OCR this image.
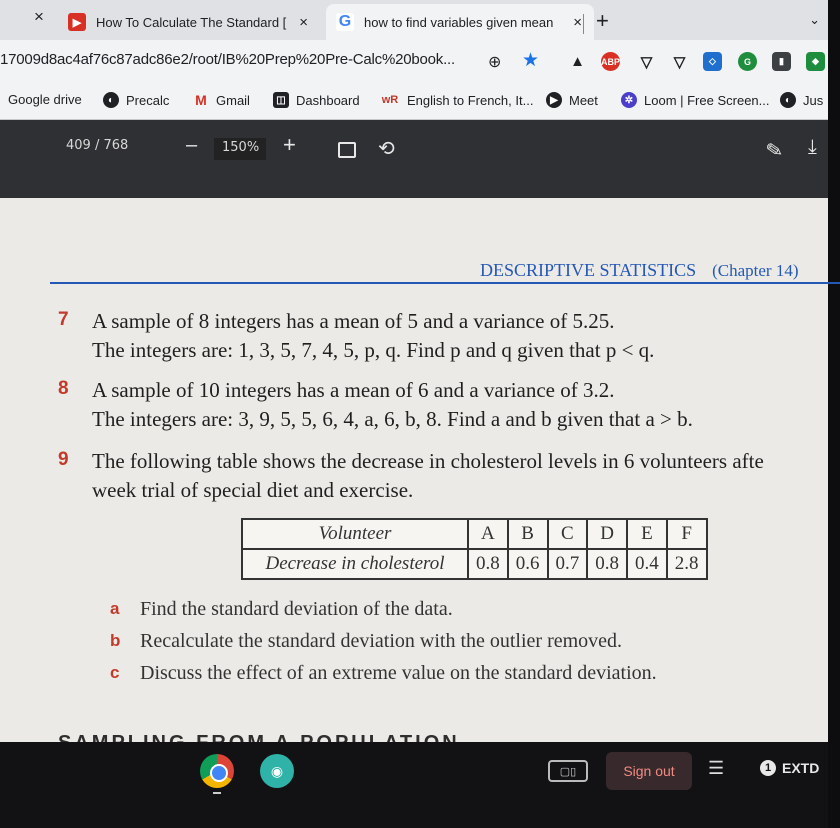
×	▶	How To Calculate The Standard [ × G how to find variables given mean × +	⌄
17009d8ac4af76c87adc86e2/root/IB%20Prep%20Pre-Calc%20book... ⊕ ★ ▲ ABP ▽ ▽	◇	G	▮	◆
Google drive	◐ Precalc M Gmail	◫ Dashboard wR English to French, It...	▶ Meet	✲ Loom | Free Screen...	◐ Jus
409 / 768	–	150%	+	⟲	✎ ⤓
DESCRIPTIVE STATISTICS (Chapter 14)
7 A sample of 8 integers has a mean of 5 and a variance of 5.25.
The integers are: 1, 3, 5, 7, 4, 5, p, q. Find p and q given that p < q.
8 A sample of 10 integers has a mean of 6 and a variance of 3.2.
The integers are: 3, 9, 5, 5, 6, 4, a, 6, b, 8. Find a and b given that a > b.
9 The following table shows the decrease in cholesterol levels in 6 volunteers afte
week trial of special diet and exercise.
Volunteer	A	B	C	D	E	F
Decrease in cholesterol	0.8	0.6	0.7	0.8	0.4	2.8
a Find the standard deviation of the data.
b Recalculate the standard deviation with the outlier removed.
c Discuss the effect of an extreme value on the standard deviation.
◉	▢▯	Sign out	☰	1 EXTD
